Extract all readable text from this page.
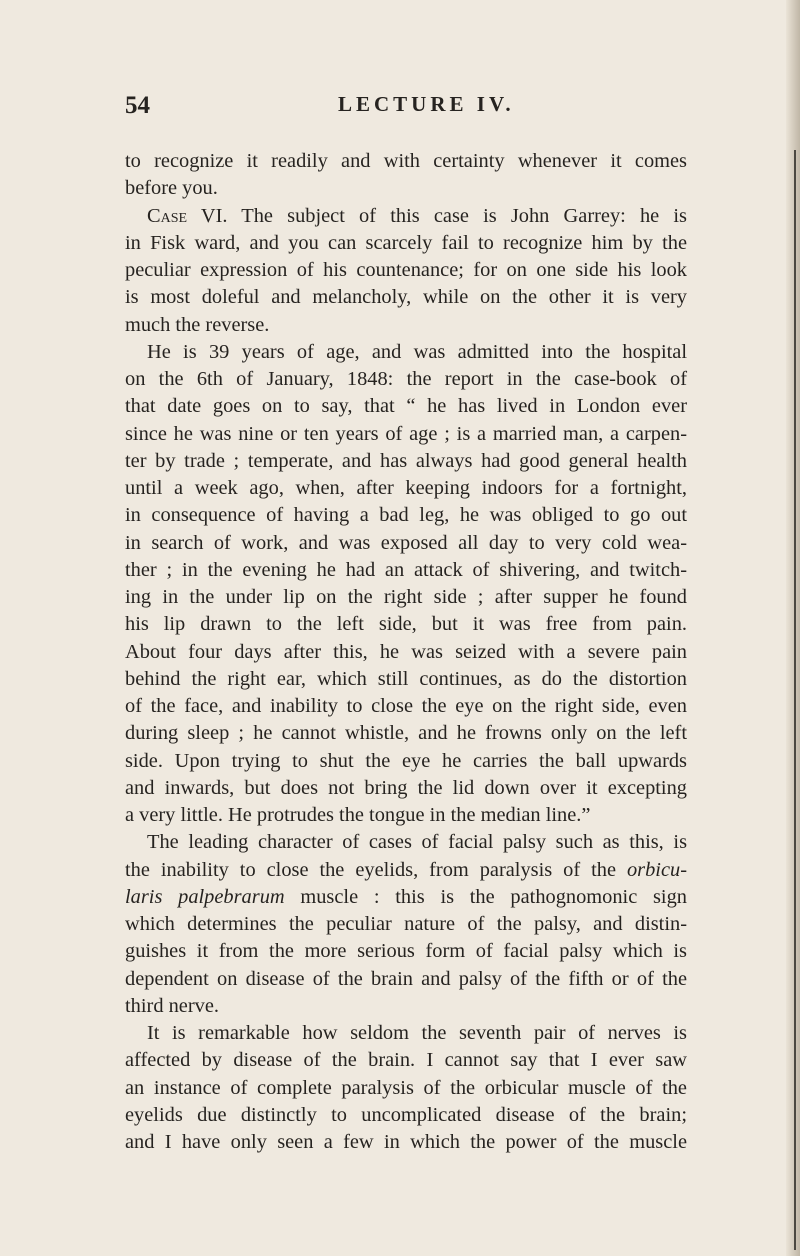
54	LECTURE IV.
to recognize it readily and with certainty whenever it comes
before you.
Case VI. The subject of this case is John Garrey: he is
in Fisk ward, and you can scarcely fail to recognize him by the
peculiar expression of his countenance; for on one side his look
is most doleful and melancholy, while on the other it is very
much the reverse.
He is 39 years of age, and was admitted into the hospital
on the 6th of January, 1848: the report in the case-book of
that date goes on to say, that “ he has lived in London ever
since he was nine or ten years of age ; is a married man, a carpen-
ter by trade ; temperate, and has always had good general health
until a week ago, when, after keeping indoors for a fortnight,
in consequence of having a bad leg, he was obliged to go out
in search of work, and was exposed all day to very cold wea-
ther ; in the evening he had an attack of shivering, and twitch-
ing in the under lip on the right side ; after supper he found
his lip drawn to the left side, but it was free from pain.
About four days after this, he was seized with a severe pain
behind the right ear, which still continues, as do the distortion
of the face, and inability to close the eye on the right side, even
during sleep ; he cannot whistle, and he frowns only on the left
side. Upon trying to shut the eye he carries the ball upwards
and inwards, but does not bring the lid down over it excepting
a very little. He protrudes the tongue in the median line.”
The leading character of cases of facial palsy such as this, is
the inability to close the eyelids, from paralysis of the orbicu-
laris palpebrarum muscle : this is the pathognomonic sign
which determines the peculiar nature of the palsy, and distin-
guishes it from the more serious form of facial palsy which is
dependent on disease of the brain and palsy of the fifth or of the
third nerve.
It is remarkable how seldom the seventh pair of nerves is
affected by disease of the brain. I cannot say that I ever saw
an instance of complete paralysis of the orbicular muscle of the
eyelids due distinctly to uncomplicated disease of the brain;
and I have only seen a few in which the power of the muscle
